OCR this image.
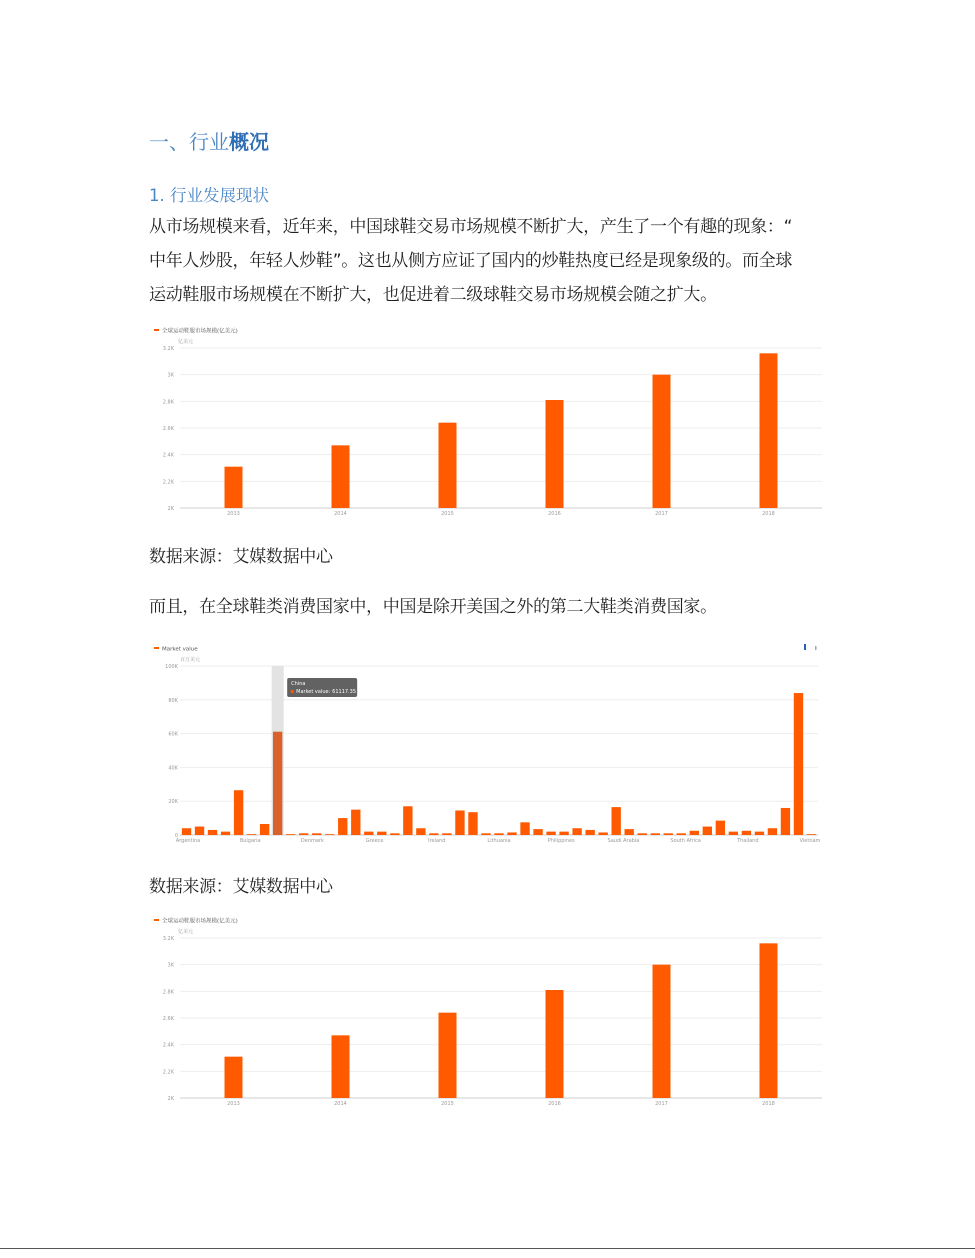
一、行业概况
1. 行业发展现状
从市场规模来看，近年来，中国球鞋交易市场规模不断扩大，产生了一个有趣的现象：“
中年人炒股，年轻人炒鞋”。这也从侧方应证了国内的炒鞋热度已经是现象级的。而全球
运动鞋服市场规模在不断扩大，也促进着二级球鞋交易市场规模会随之扩大。
全球运动鞋服市场规模(亿美元)
亿美元
2K
2.2K
2.4K
2.6K
2.8K
3K
3.2K
2013	2014	2015	2016	2017	2018
数据来源：艾媒数据中心
而且，在全球鞋类消费国家中，中国是除开美国之外的第二大鞋类消费国家。
Market value
百万美元
0
20K
40K
60K
80K
100K
Argentina	Bulgaria	Denmark	Greece	Ireland	Lithuania	Philippines	Saudi Arabia	South Africa	Thailand	Vietnam
China
Market value: 61117.35
数据来源：艾媒数据中心
全球运动鞋服市场规模(亿美元)
亿美元
2K
2.2K
2.4K
2.6K
2.8K
3K
3.2K
2013	2014	2015	2016	2017	2018
